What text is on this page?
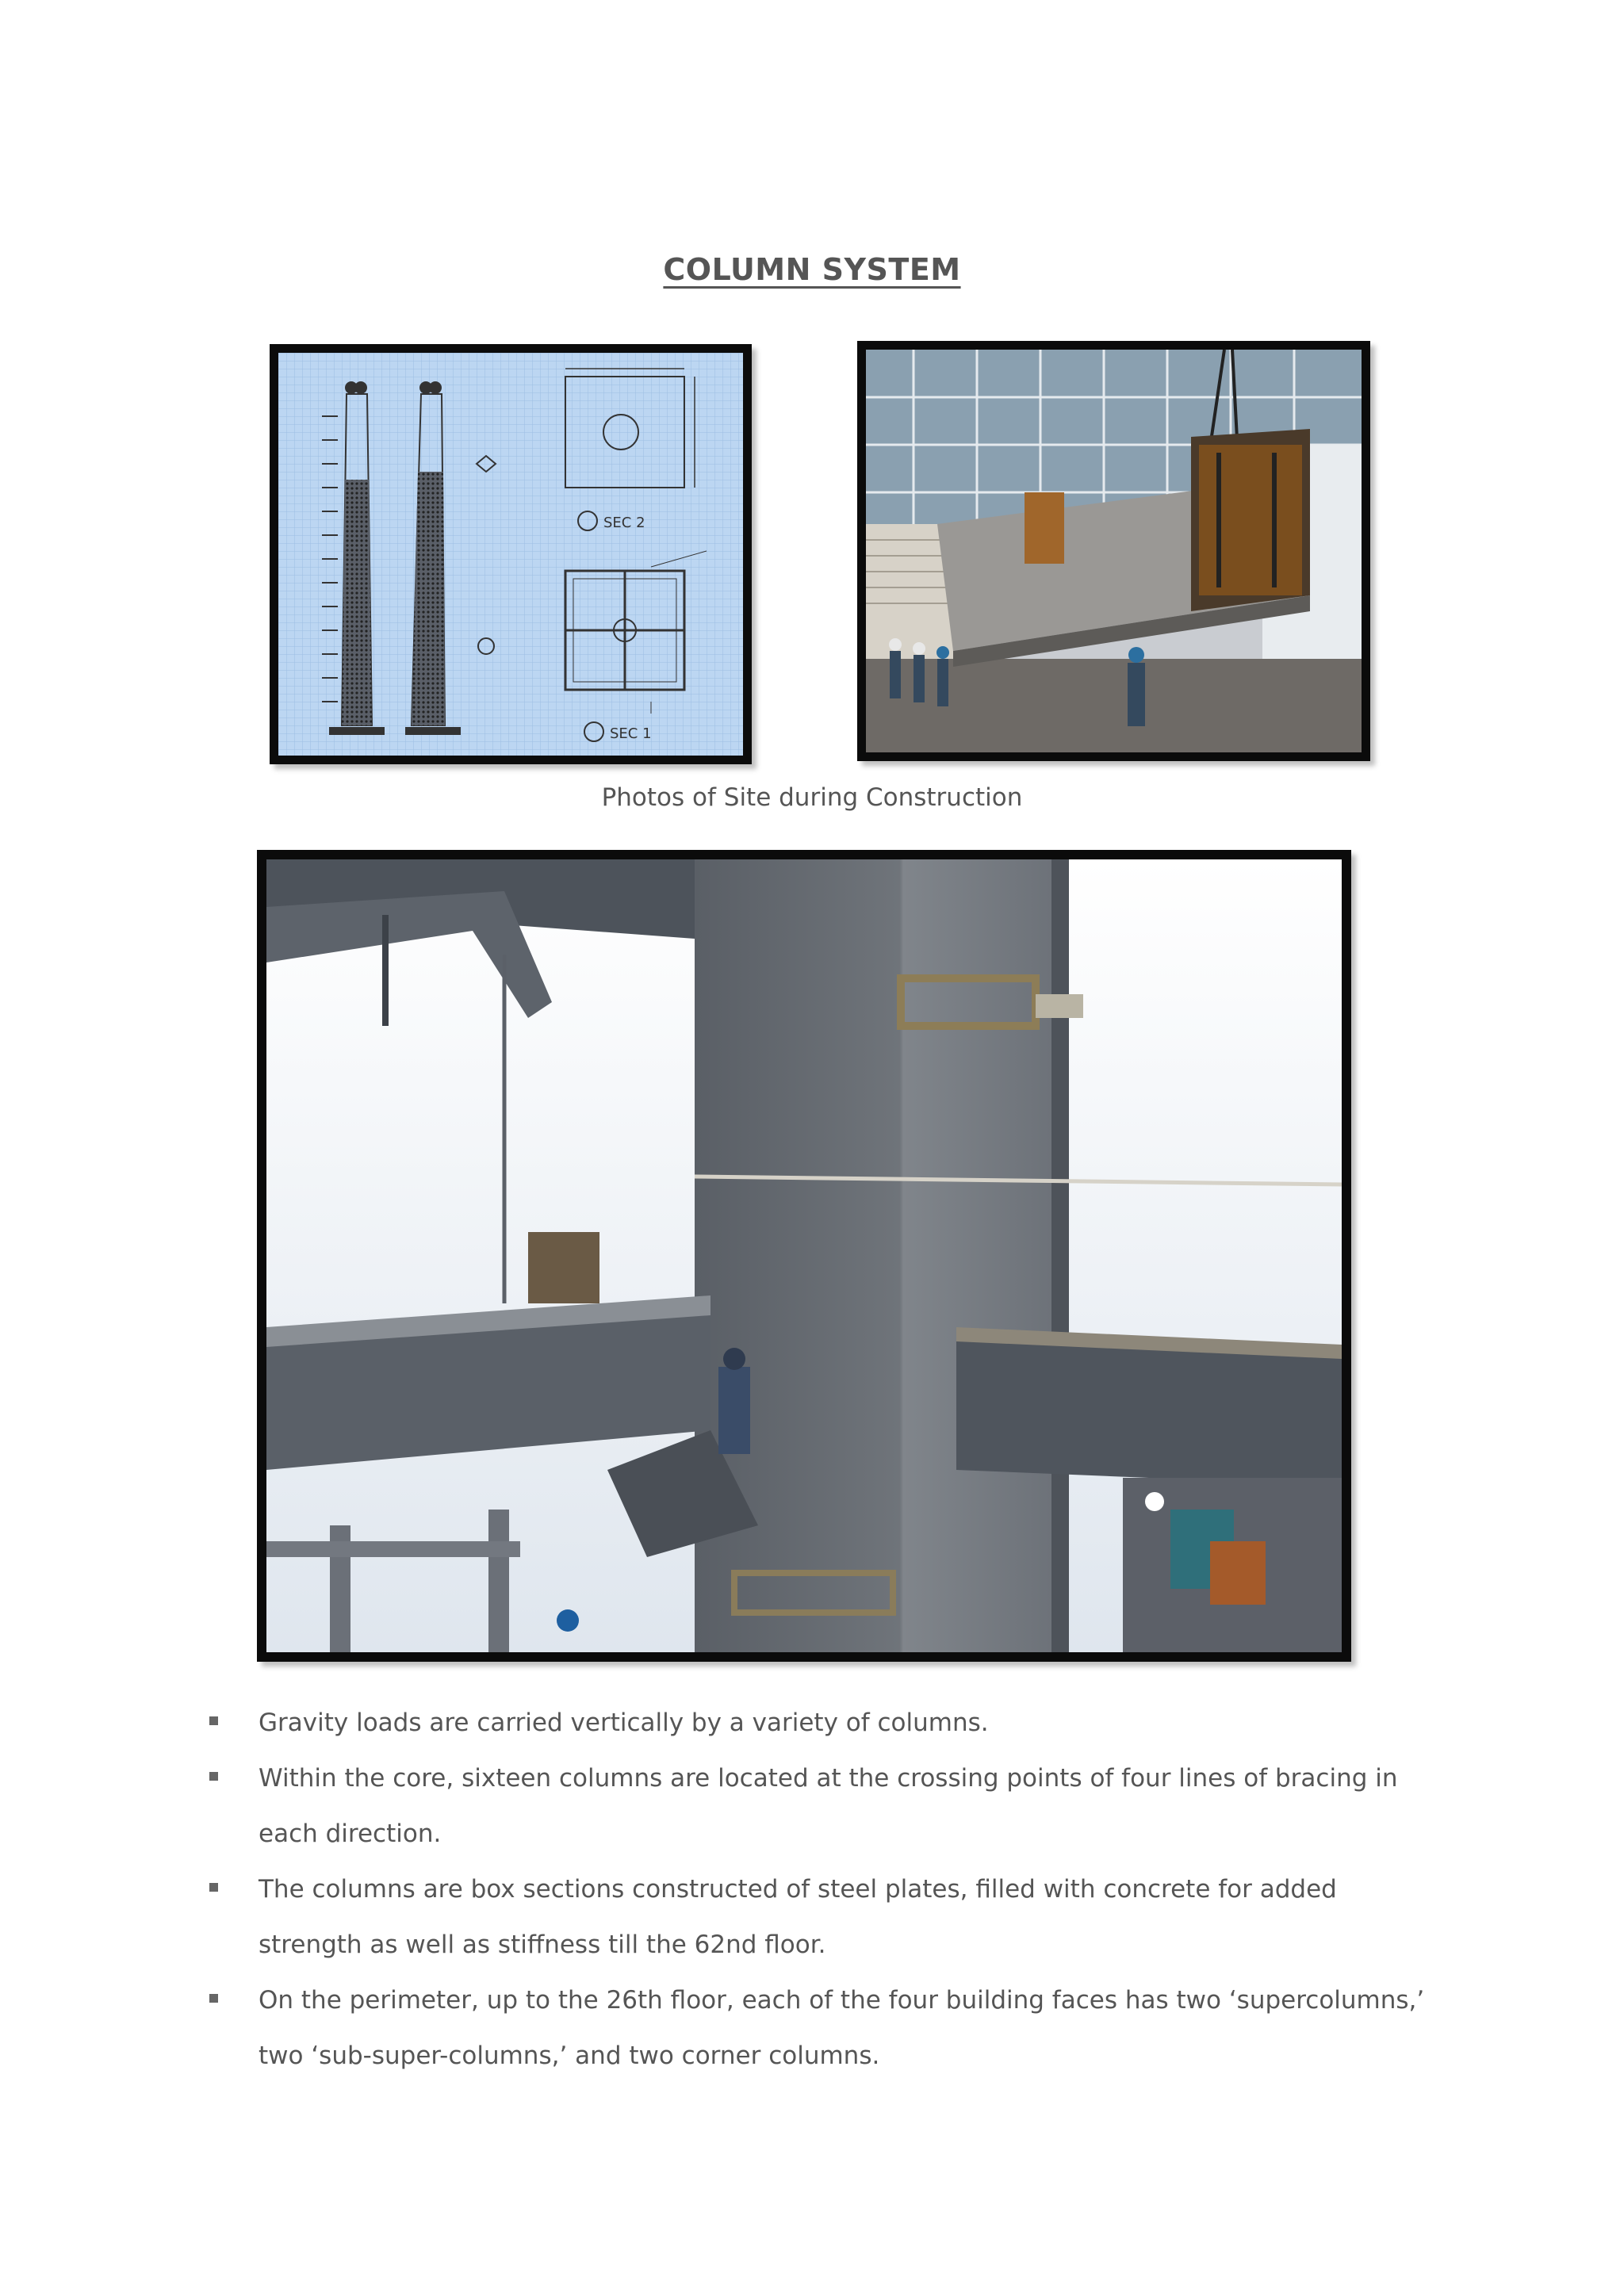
COLUMN SYSTEM
SEC 2
SEC 1
Photos of Site during Construction
Gravity loads are carried vertically by a variety of columns.
Within the core, sixteen columns are located at the crossing points of four lines of bracing in each direction.
The columns are box sections constructed of steel plates, filled with concrete for added strength as well as stiffness till the 62nd floor.
On the perimeter, up to the 26th floor, each of the four building faces has two ‘supercolumns,’ two ‘sub-super-columns,’ and two corner columns.
